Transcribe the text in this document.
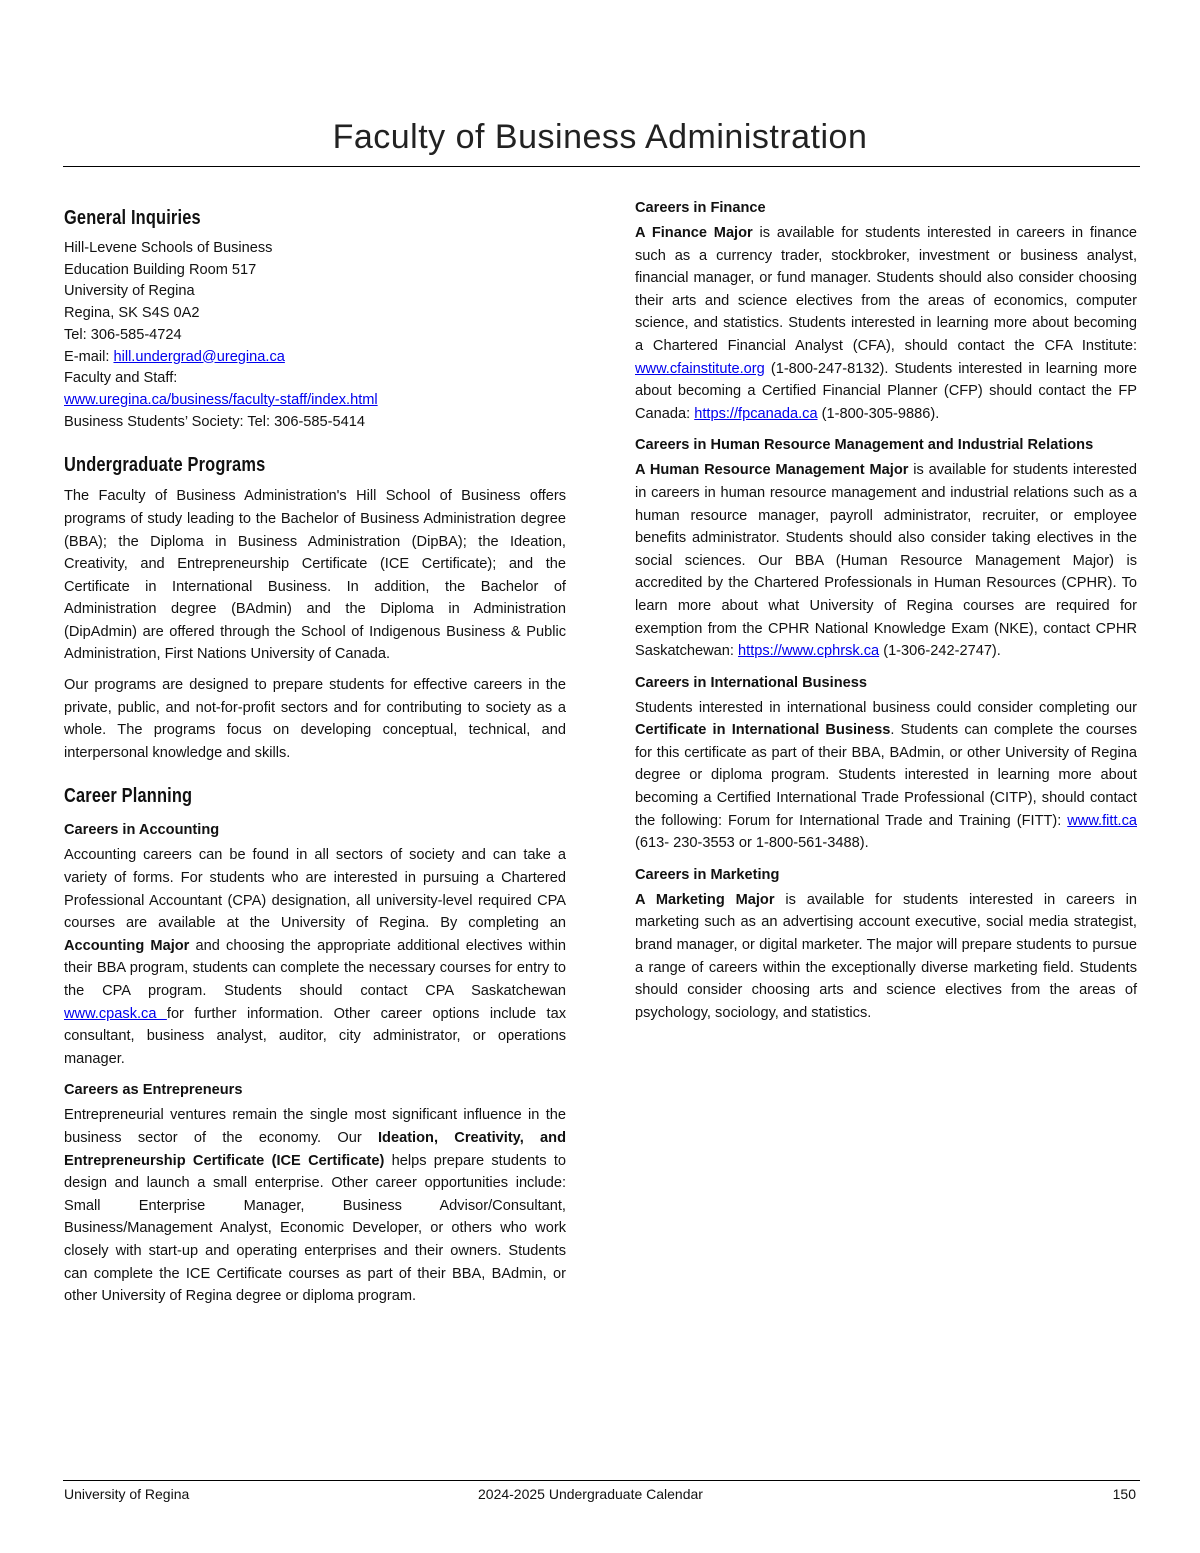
Faculty of Business Administration
General Inquiries
Hill-Levene Schools of Business
Education Building Room 517
University of Regina
Regina, SK S4S 0A2
Tel: 306-585-4724
E-mail: hill.undergrad@uregina.ca
Faculty and Staff:
www.uregina.ca/business/faculty-staff/index.html
Business Students’ Society: Tel: 306-585-5414
Undergraduate Programs

The Faculty of Business Administration's Hill School of Business offers programs of study leading to the Bachelor of Business Administration degree (BBA); the Diploma in Business Administration (DipBA); the Ideation, Creativity, and Entrepreneurship Certificate (ICE Certificate); and the Certificate in International Business. In addition, the Bachelor of Administration degree (BAdmin) and the Diploma in Administration (DipAdmin) are offered through the School of Indigenous Business & Public Administration, First Nations University of Canada.

Our programs are designed to prepare students for effective careers in the private, public, and not-for-profit sectors and for contributing to society as a whole. The programs focus on developing conceptual, technical, and interpersonal knowledge and skills.

Career Planning
Careers in Accounting

Accounting careers can be found in all sectors of society and can take a variety of forms. For students who are interested in pursuing a Chartered Professional Accountant (CPA) designation, all university-level required CPA courses are available at the University of Regina. By completing an Accounting Major and choosing the appropriate additional electives within their BBA program, students can complete the necessary courses for entry to the CPA program. Students should contact CPA Saskatchewan www.cpask.ca for further information. Other career options include tax consultant, business analyst, auditor, city administrator, or operations manager.

Careers as Entrepreneurs

Entrepreneurial ventures remain the single most significant influence in the business sector of the economy. Our Ideation, Creativity, and Entrepreneurship Certificate (ICE Certificate) helps prepare students to design and launch a small enterprise. Other career opportunities include: Small Enterprise Manager, Business Advisor/Consultant, Business/Management Analyst, Economic Developer, or others who work closely with start-up and operating enterprises and their owners. Students can complete the ICE Certificate courses as part of their BBA, BAdmin, or other University of Regina degree or diploma program.

Careers in Finance

A Finance Major is available for students interested in careers in finance such as a currency trader, stockbroker, investment or business analyst, financial manager, or fund manager. Students should also consider choosing their arts and science electives from the areas of economics, computer science, and statistics. Students interested in learning more about becoming a Chartered Financial Analyst (CFA), should contact the CFA Institute: www.cfainstitute.org (1-800-247-8132). Students interested in learning more about becoming a Certified Financial Planner (CFP) should contact the FP Canada: https://fpcanada.ca (1-800-305-9886).

Careers in Human Resource Management and Industrial Relations

A Human Resource Management Major is available for students interested in careers in human resource management and industrial relations such as a human resource manager, payroll administrator, recruiter, or employee benefits administrator. Students should also consider taking electives in the social sciences. Our BBA (Human Resource Management Major) is accredited by the Chartered Professionals in Human Resources (CPHR). To learn more about what University of Regina courses are required for exemption from the CPHR National Knowledge Exam (NKE), contact CPHR Saskatchewan: https://www.cphrsk.ca (1-306-242-2747).

Careers in International Business

Students interested in international business could consider completing our Certificate in International Business. Students can complete the courses for this certificate as part of their BBA, BAdmin, or other University of Regina degree or diploma program. Students interested in learning more about becoming a Certified International Trade Professional (CITP), should contact the following: Forum for International Trade and Training (FITT): www.fitt.ca (613- 230-3553 or 1-800-561-3488).

Careers in Marketing

A Marketing Major is available for students interested in careers in marketing such as an advertising account executive, social media strategist, brand manager, or digital marketer. The major will prepare students to pursue a range of careers within the exceptionally diverse marketing field. Students should consider choosing arts and science electives from the areas of psychology, sociology, and statistics.

University of Regina	2024-2025 Undergraduate Calendar	150
